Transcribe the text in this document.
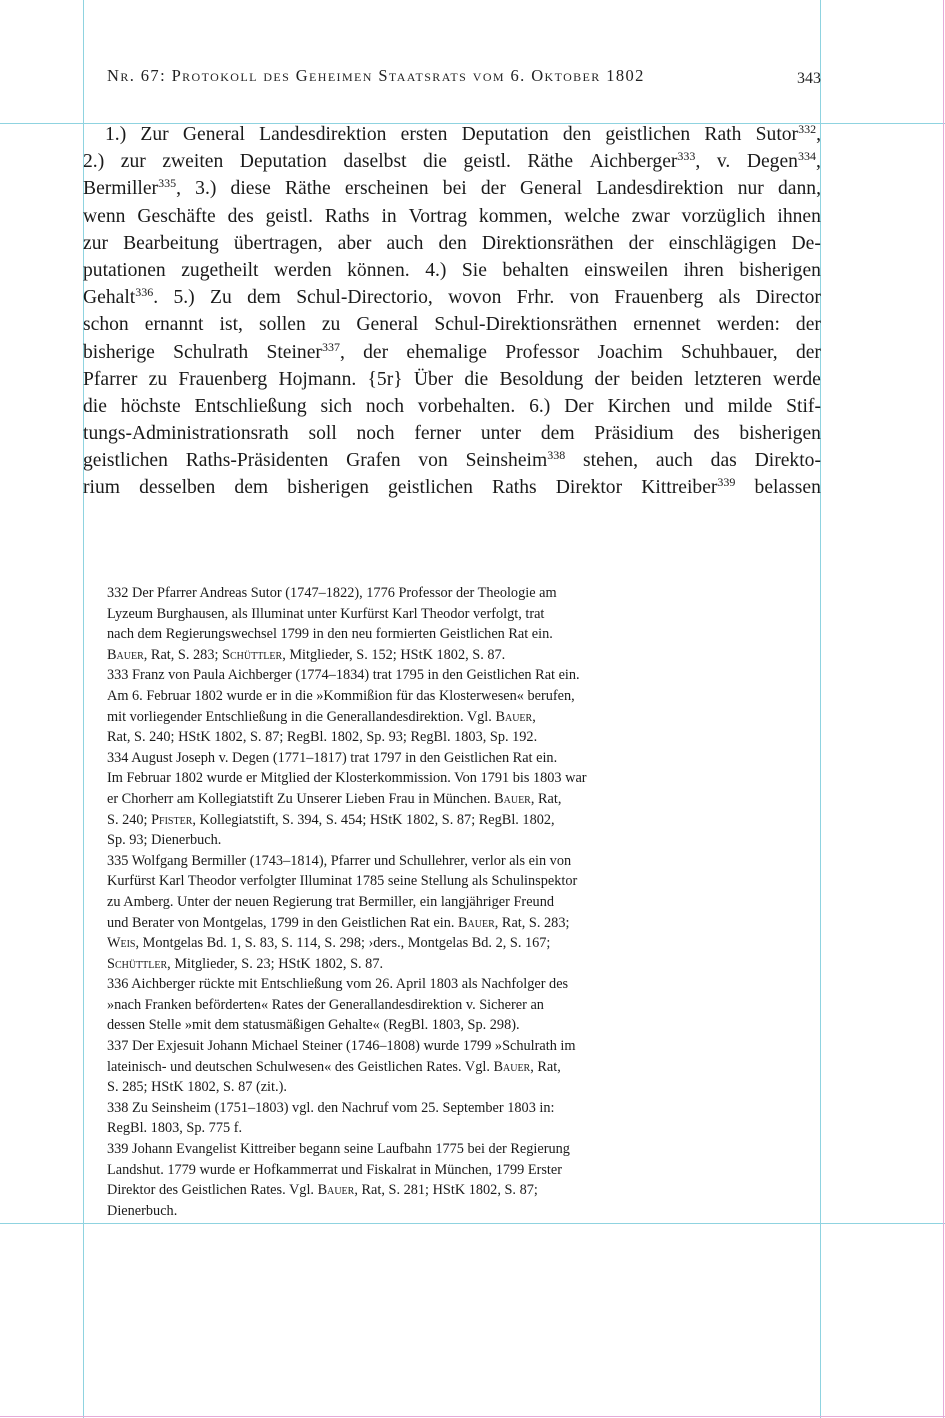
Nr. 67: Protokoll des Geheimen Staatsrats vom 6. Oktober 1802	343
1.) Zur General Landesdirektion ersten Deputation den geistlichen Rath Sutor$^{332}$,
2.) zur zweiten Deputation daselbst die geistl. Räthe Aichberger$^{333}$, v. Degen$^{334}$,
Bermiller$^{335}$, 3.) diese Räthe erscheinen bei der General Landesdirektion nur dann,
wenn Geschäfte des geistl. Raths in Vortrag kommen, welche zwar vorzüglich ihnen
zur Bearbeitung übertragen, aber auch den Direktionsräthen der einschlägigen De-
putationen zugetheilt werden können. 4.) Sie behalten einsweilen ihren bisherigen
Gehalt$^{336}$. 5.) Zu dem Schul-Directorio, wovon Frhr. von Frauenberg als Director
schon ernannt ist, sollen zu General Schul-Direktionsräthen ernennet werden: der
bisherige Schulrath Steiner$^{337}$, der ehemalige Professor Joachim Schuhbauer, der
Pfarrer zu Frauenberg Hojmann. {5r} Über die Besoldung der beiden letzteren werde
die höchste Entschließung sich noch vorbehalten. 6.) Der Kirchen und milde Stif-
tungs-Administrationsrath soll noch ferner unter dem Präsidium des bisherigen
geistlichen Raths-Präsidenten Grafen von Seinsheim$^{338}$ stehen, auch das Direkto-
rium desselben dem bisherigen geistlichen Raths Direktor Kittreiber$^{339}$ belassen
332 Der Pfarrer Andreas Sutor (1747–1822), 1776 Professor der Theologie am
Lyzeum Burghausen, als Illuminat unter Kurfürst Karl Theodor verfolgt, trat
nach dem Regierungswechsel 1799 in den neu formierten Geistlichen Rat ein.
Bauer, Rat, S. 283; Schüttler, Mitglieder, S. 152; HStK 1802, S. 87.
333 Franz von Paula Aichberger (1774–1834) trat 1795 in den Geistlichen Rat ein.
Am 6. Februar 1802 wurde er in die »Kommißion für das Klosterwesen« berufen,
mit vorliegender Entschließung in die Generallandesdirektion. Vgl. Bauer,
Rat, S. 240; HStK 1802, S. 87; RegBl. 1802, Sp. 93; RegBl. 1803, Sp. 192.
334 August Joseph v. Degen (1771–1817) trat 1797 in den Geistlichen Rat ein.
Im Februar 1802 wurde er Mitglied der Klosterkommission. Von 1791 bis 1803 war
er Chorherr am Kollegiatstift Zu Unserer Lieben Frau in München. Bauer, Rat,
S. 240; Pfister, Kollegiatstift, S. 394, S. 454; HStK 1802, S. 87; RegBl. 1802,
Sp. 93; Dienerbuch.
335 Wolfgang Bermiller (1743–1814), Pfarrer und Schullehrer, verlor als ein von
Kurfürst Karl Theodor verfolgter Illuminat 1785 seine Stellung als Schulinspektor
zu Amberg. Unter der neuen Regierung trat Bermiller, ein langjähriger Freund
und Berater von Montgelas, 1799 in den Geistlichen Rat ein. Bauer, Rat, S. 283;
Weis, Montgelas Bd. 1, S. 83, S. 114, S. 298; ›ders., Montgelas Bd. 2, S. 167;
Schüttler, Mitglieder, S. 23; HStK 1802, S. 87.
336 Aichberger rückte mit Entschließung vom 26. April 1803 als Nachfolger des
»nach Franken beförderten« Rates der Generallandesdirektion v. Sicherer an
dessen Stelle »mit dem statusmäßigen Gehalte« (RegBl. 1803, Sp. 298).
337 Der Exjesuit Johann Michael Steiner (1746–1808) wurde 1799 »Schulrath im
lateinisch- und deutschen Schulwesen« des Geistlichen Rates. Vgl. Bauer, Rat,
S. 285; HStK 1802, S. 87 (zit.).
338 Zu Seinsheim (1751–1803) vgl. den Nachruf vom 25. September 1803 in:
RegBl. 1803, Sp. 775 f.
339 Johann Evangelist Kittreiber begann seine Laufbahn 1775 bei der Regierung
Landshut. 1779 wurde er Hofkammerrat und Fiskalrat in München, 1799 Erster
Direktor des Geistlichen Rates. Vgl. Bauer, Rat, S. 281; HStK 1802, S. 87;
Dienerbuch.
